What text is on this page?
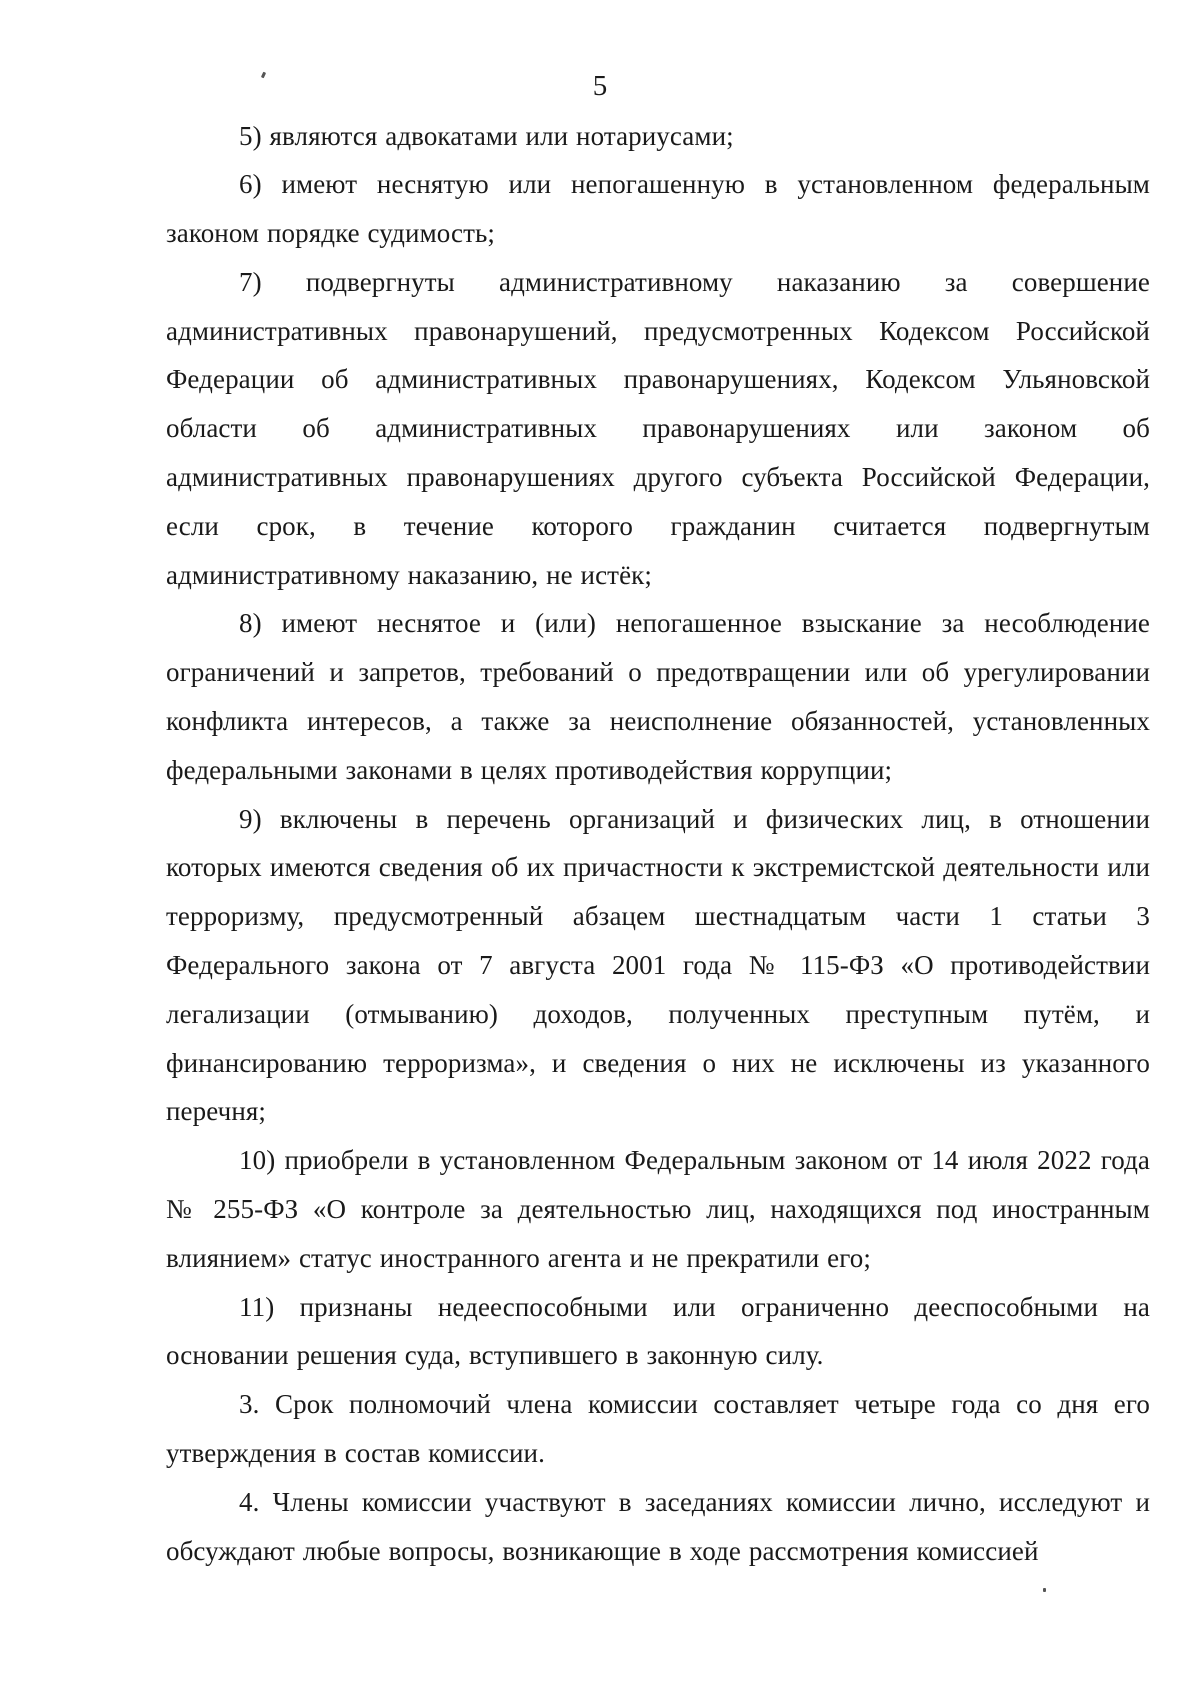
5

5) являются адвокатами или нотариусами;

6) имеют неснятую или непогашенную в установленном федеральным законом порядке судимость;

7) подвергнуты административному наказанию за совершение административных правонарушений, предусмотренных Кодексом Российской Федерации об административных правонарушениях, Кодексом Ульяновской области об административных правонарушениях или законом об административных правонарушениях другого субъекта Российской Федерации, если срок, в течение которого гражданин считается подвергнутым административному наказанию, не истёк;

8) имеют неснятое и (или) непогашенное взыскание за несоблюдение ограничений и запретов, требований о предотвращении или об урегулировании конфликта интересов, а также за неисполнение обязанностей, установленных федеральными законами в целях противодействия коррупции;

9) включены в перечень организаций и физических лиц, в отношении которых имеются сведения об их причастности к экстремистской деятельности или терроризму, предусмотренный абзацем шестнадцатым части 1 статьи 3 Федерального закона от 7 августа 2001 года № 115-ФЗ «О противодействии легализации (отмыванию) доходов, полученных преступным путём, и финансированию терроризма», и сведения о них не исключены из указанного перечня;

10) приобрели в установленном Федеральным законом от 14 июля 2022 года № 255-ФЗ «О контроле за деятельностью лиц, находящихся под иностранным влиянием» статус иностранного агента и не прекратили его;

11) признаны недееспособными или ограниченно дееспособными на основании решения суда, вступившего в законную силу.

3. Срок полномочий члена комиссии составляет четыре года со дня его утверждения в состав комиссии.

4. Члены комиссии участвуют в заседаниях комиссии лично, исследуют и обсуждают любые вопросы, возникающие в ходе рассмотрения комиссией
